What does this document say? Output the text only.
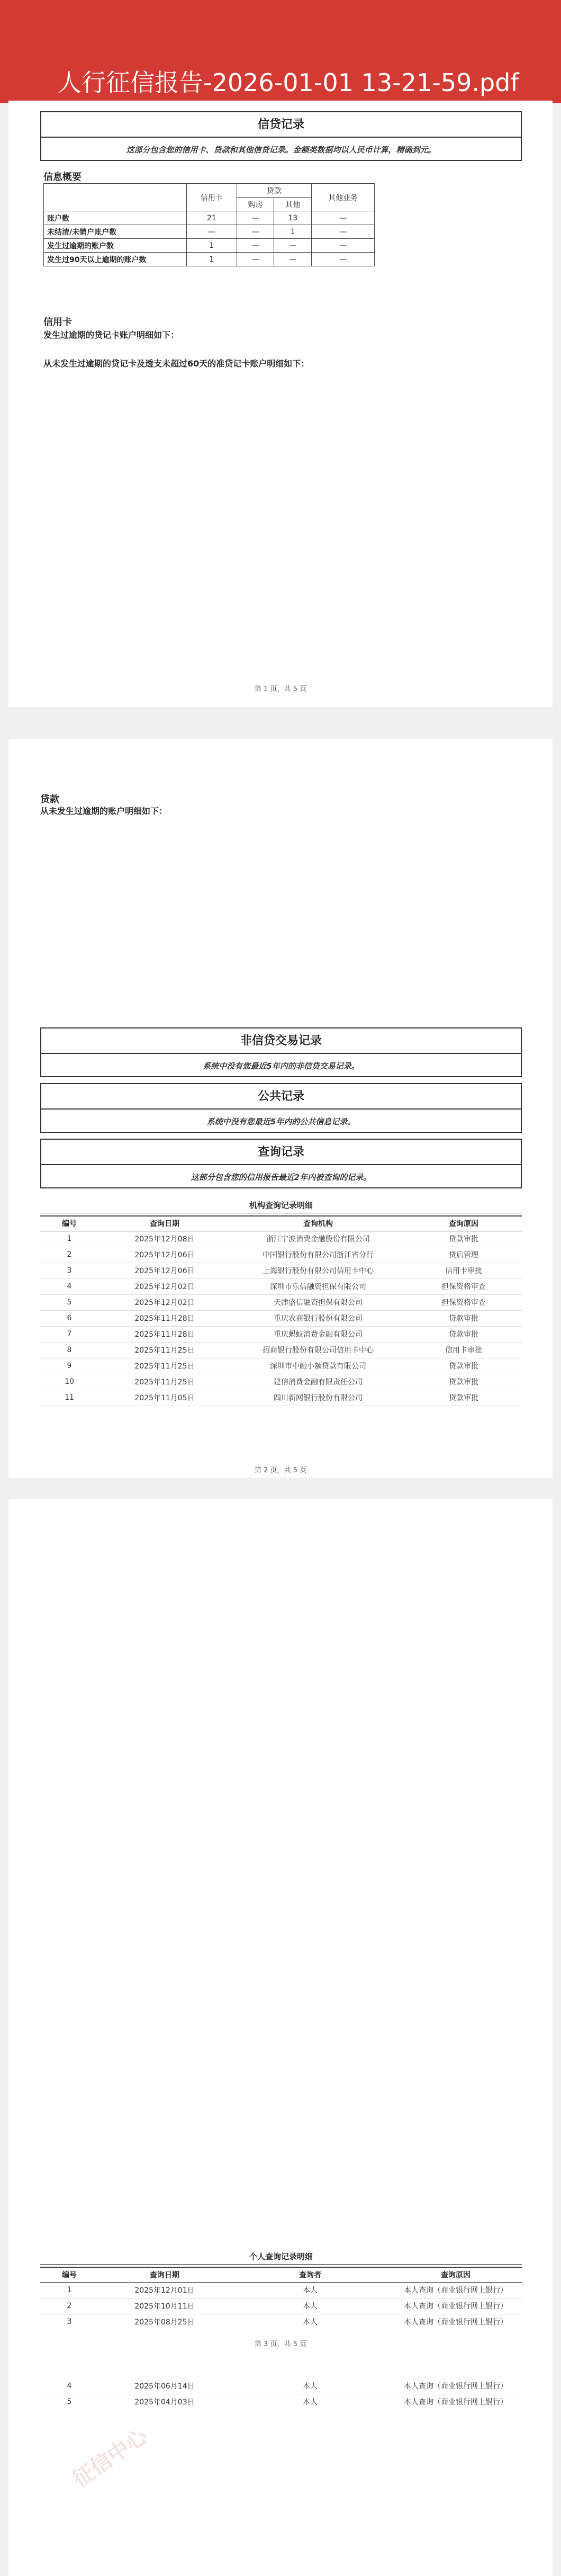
人行征信报告-2026-01-01 13-21-59.pdf
信贷记录
这部分包含您的信用卡、贷款和其他信贷记录。金额类数据均以人民币计算，精确到元。
信息概要
	信用卡	贷款		其他业务
		购房	其他	
账户数	21	—	13	—
未结清/未销户账户数	—	—	1	—
发生过逾期的账户数	1	—	—	—
发生过90天以上逾期的账户数	1	—	—	—
信用卡
发生过逾期的贷记卡账户明细如下：
从未发生过逾期的贷记卡及透支未超过60天的准贷记卡账户明细如下：
第 1 页，共 5 页
贷款
从未发生过逾期的账户明细如下：
非信贷交易记录
系统中没有您最近5年内的非信贷交易记录。
公共记录
系统中没有您最近5年内的公共信息记录。
查询记录
这部分包含您的信用报告最近2年内被查询的记录。
机构查询记录明细
编号	查询日期	查询机构	查询原因
1	2025年12月08日	浙江宁波消费金融股份有限公司	贷款审批
2	2025年12月06日	中国银行股份有限公司浙江省分行	贷后管理
3	2025年12月06日	上海银行股份有限公司信用卡中心	信用卡审批
4	2025年12月02日	深圳市乐信融资担保有限公司	担保资格审查
5	2025年12月02日	天津盛信融资担保有限公司	担保资格审查
6	2025年11月28日	重庆农商银行股份有限公司	贷款审批
7	2025年11月28日	重庆蚂蚁消费金融有限公司	贷款审批
8	2025年11月25日	招商银行股份有限公司信用卡中心	信用卡审批
9	2025年11月25日	深圳市中融小额贷款有限公司	贷款审批
10	2025年11月25日	建信消费金融有限责任公司	贷款审批
11	2025年11月05日	四川新网银行股份有限公司	贷款审批
第 2 页，共 5 页
个人查询记录明细
编号	查询日期	查询者	查询原因
1	2025年12月01日	本人	本人查询（商业银行网上银行）
2	2025年10月11日	本人	本人查询（商业银行网上银行）
3	2025年08月25日	本人	本人查询（商业银行网上银行）
第 3 页，共 5 页
4	2025年06月14日	本人	本人查询（商业银行网上银行）
5	2025年04月03日	本人	本人查询（商业银行网上银行）
征信中心
